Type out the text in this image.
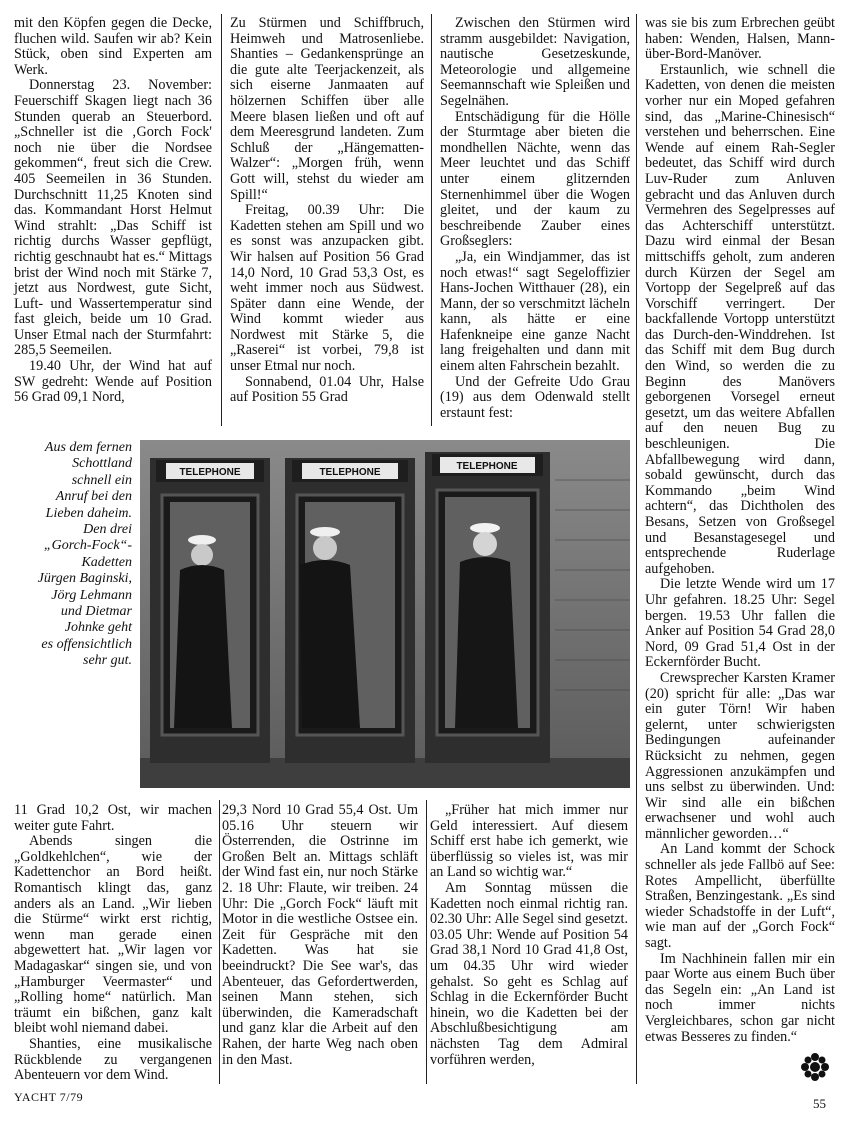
mit den Köpfen gegen die Decke, fluchen wild. Saufen wir ab? Kein Stück, oben sind Experten am Werk.

Donnerstag 23. November: Feuerschiff Skagen liegt nach 36 Stunden querab an Steuerbord. „Schneller ist die ‚Gorch Fock' noch nie über die Nordsee gekommen“, freut sich die Crew. 405 Seemeilen in 36 Stunden. Durchschnitt 11,25 Knoten sind das. Kommandant Horst Helmut Wind strahlt: „Das Schiff ist richtig durchs Wasser gepflügt, richtig geschnaubt hat es.“ Mittags brist der Wind noch mit Stärke 7, jetzt aus Nordwest, gute Sicht, Luft- und Wassertemperatur sind fast gleich, beide um 10 Grad. Unser Etmal nach der Sturmfahrt: 285,5 Seemeilen.

19.40 Uhr, der Wind hat auf SW gedreht: Wende auf Position 56 Grad 09,1 Nord,

Zu Stürmen und Schiffbruch, Heimweh und Matrosenliebe. Shanties – Gedankensprünge an die gute alte Teerjackenzeit, als sich eiserne Janmaaten auf hölzernen Schiffen über alle Meere blasen ließen und oft auf dem Meeresgrund landeten. Zum Schluß der „Hängematten-Walzer“: „Morgen früh, wenn Gott will, stehst du wieder am Spill!“

Freitag, 00.39 Uhr: Die Kadetten stehen am Spill und wo es sonst was anzupacken gibt. Wir halsen auf Position 56 Grad 14,0 Nord, 10 Grad 53,3 Ost, es weht immer noch aus Südwest. Später dann eine Wende, der Wind kommt wieder aus Nordwest mit Stärke 5, die „Raserei“ ist vorbei, 79,8 ist unser Etmal nur noch.

Sonnabend, 01.04 Uhr, Halse auf Position 55 Grad

Zwischen den Stürmen wird stramm ausgebildet: Navigation, nautische Gesetzeskunde, Meteorologie und allgemeine Seemannschaft wie Spleißen und Segelnähen.

Entschädigung für die Hölle der Sturmtage aber bieten die mondhellen Nächte, wenn das Meer leuchtet und das Schiff unter einem glitzernden Sternenhimmel über die Wogen gleitet, und der kaum zu beschreibende Zauber eines Großseglers:

„Ja, ein Windjammer, das ist noch etwas!“ sagt Segeloffizier Hans-Jochen Witthauer (28), ein Mann, der so verschmitzt lächeln kann, als hätte er eine Hafenkneipe eine ganze Nacht lang freigehalten und dann mit einem alten Fahrschein bezahlt.

Und der Gefreite Udo Grau (19) aus dem Odenwald stellt erstaunt fest:

was sie bis zum Erbrechen geübt haben: Wenden, Halsen, Mann-über-Bord-Manöver.

Erstaunlich, wie schnell die Kadetten, von denen die meisten vorher nur ein Moped gefahren sind, das „Marine-Chinesisch“ verstehen und beherrschen. Eine Wende auf einem Rah-Segler bedeutet, das Schiff wird durch Luv-Ruder zum Anluven gebracht und das Anluven durch Vermehren des Segelpresses auf das Achterschiff unterstützt. Dazu wird einmal der Besan mittschiffs geholt, zum anderen durch Kürzen der Segel am Vortopp der Segelpreß auf das Vorschiff verringert. Der backfallende Vortopp unterstützt das Durch-den-Winddrehen. Ist das Schiff mit dem Bug durch den Wind, so werden die zu Beginn des Manövers geborgenen Vorsegel erneut gesetzt, um das weitere Abfallen auf den neuen Bug zu beschleunigen. Die Abfallbewegung wird dann, sobald gewünscht, durch das Kommando „beim Wind achtern“, das Dichtholen des Besans, Setzen von Großsegel und Besanstagesegel und entsprechende Ruderlage aufgehoben.

Die letzte Wende wird um 17 Uhr gefahren. 18.25 Uhr: Segel bergen. 19.53 Uhr fallen die Anker auf Position 54 Grad 28,0 Nord, 09 Grad 51,4 Ost in der Eckernförder Bucht.

Crewsprecher Karsten Kramer (20) spricht für alle: „Das war ein guter Törn! Wir haben gelernt, unter schwierigsten Bedingungen aufeinander Rücksicht zu nehmen, gegen Aggressionen anzukämpfen und uns selbst zu überwinden. Und: Wir sind alle ein bißchen erwachsener und wohl auch männlicher geworden…“

An Land kommt der Schock schneller als jede Fallbö auf See: Rotes Ampellicht, überfüllte Straßen, Benzingestank. „Es sind wieder Schadstoffe in der Luft“, wie man auf der „Gorch Fock“ sagt.

Im Nachhinein fallen mir ein paar Worte aus einem Buch über das Segeln ein: „An Land ist noch immer nichts Vergleichbares, schon gar nicht etwas Besseres zu finden.“

11 Grad 10,2 Ost, wir machen weiter gute Fahrt.

Abends singen die „Goldkehlchen“, wie der Kadettenchor an Bord heißt. Romantisch klingt das, ganz anders als an Land. „Wir lieben die Stürme“ wirkt erst richtig, wenn man gerade einen abgewettert hat. „Wir lagen vor Madagaskar“ singen sie, und von „Hamburger Veermaster“ und „Rolling home“ natürlich. Man träumt ein bißchen, ganz kalt bleibt wohl niemand dabei.

Shanties, eine musikalische Rückblende zu vergangenen Abenteuern vor dem Wind.

29,3 Nord 10 Grad 55,4 Ost. Um 05.16 Uhr steuern wir Österrenden, die Ostrinne im Großen Belt an. Mittags schläft der Wind fast ein, nur noch Stärke 2. 18 Uhr: Flaute, wir treiben. 24 Uhr: Die „Gorch Fock“ läuft mit Motor in die westliche Ostsee ein. Zeit für Gespräche mit den Kadetten. Was hat sie beeindruckt? Die See war's, das Abenteuer, das Gefordertwerden, seinen Mann stehen, sich überwinden, die Kameradschaft und ganz klar die Arbeit auf den Rahen, der harte Weg nach oben in den Mast.

„Früher hat mich immer nur Geld interessiert. Auf diesem Schiff erst habe ich gemerkt, wie überflüssig so vieles ist, was mir an Land so wichtig war.“

Am Sonntag müssen die Kadetten noch einmal richtig ran. 02.30 Uhr: Alle Segel sind gesetzt. 03.05 Uhr: Wende auf Position 54 Grad 38,1 Nord 10 Grad 41,8 Ost, um 04.35 Uhr wird wieder gehalst. So geht es Schlag auf Schlag in die Eckernförder Bucht hinein, wo die Kadetten bei der Abschlußbesichtigung am nächsten Tag dem Admiral vorführen werden,

Aus dem fernen
Schottland
schnell ein
Anruf bei den
Lieben daheim.
Den drei
„Gorch-Fock“-
Kadetten
Jürgen Baginski,
Jörg Lehmann
und Dietmar
Johnke geht
es offensichtlich
sehr gut.
TELEPHONE	TELEPHONE
TELEPHONE
YACHT 7/79	55
